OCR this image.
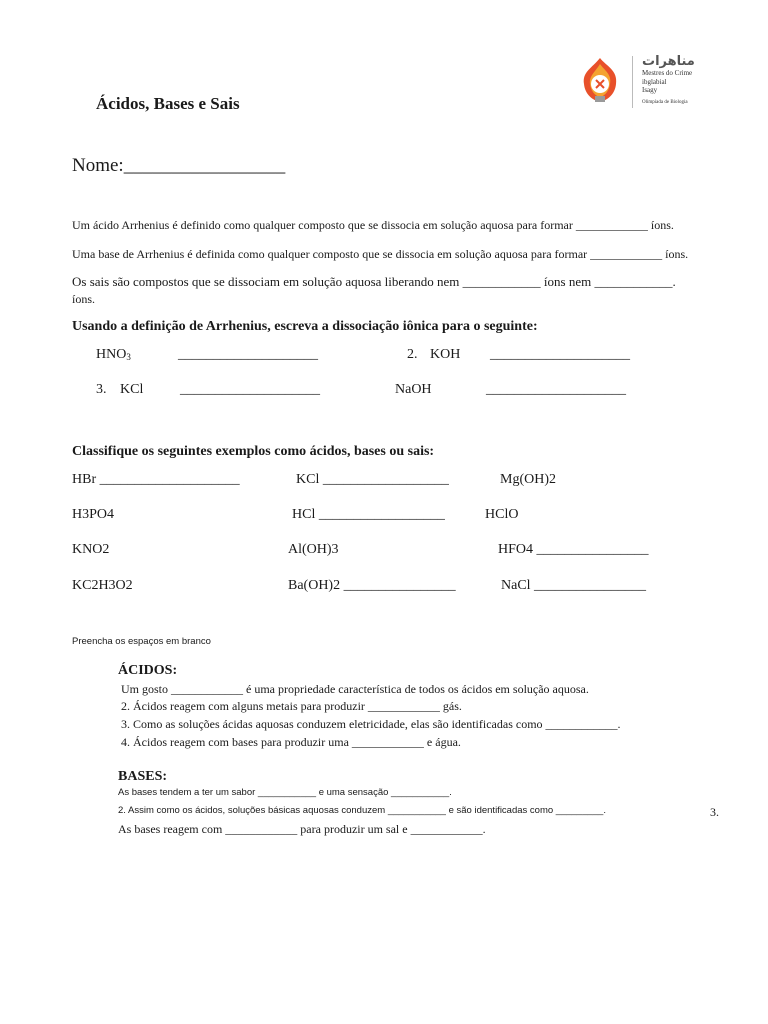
مناهرات
Mestres do Crime
ibglabial
Isagy
Olimpíada de Biologia
Ácidos, Bases e Sais
Nome:_________________
Um ácido Arrhenius é definido como qualquer composto que se dissocia em solução aquosa para formar ____________ íons.
Uma base de Arrhenius é definida como qualquer composto que se dissocia em solução aquosa para formar ____________ íons.
Os sais são compostos que se dissociam em solução aquosa liberando nem ____________ íons nem ____________.
íons.
Usando a definição de Arrhenius, escreva a dissociação iônica para o seguinte:
$HNO_3$	____________________	2. KOH ____________________
3. KCl	____________________	NaOH	____________________
Classifique os seguintes exemplos como ácidos, bases ou sais:
HBr ____________________	KCl __________________	Mg(OH)2
H3PO4	HCl __________________	HClO
KNO2	Al(OH)3	HFO4 ________________
KC2H3O2	Ba(OH)2 ________________	NaCl ________________
Preencha os espaços em branco
ÁCIDOS:
Um gosto ____________ é uma propriedade característica de todos os ácidos em solução aquosa.
2. Ácidos reagem com alguns metais para produzir ____________ gás.
3. Como as soluções ácidas aquosas conduzem eletricidade, elas são identificadas como ____________.
4. Ácidos reagem com bases para produzir uma ____________ e água.
BASES:
As bases tendem a ter um sabor ___________ e uma sensação ___________.
2. Assim como os ácidos, soluções básicas aquosas conduzem ___________ e são identificadas como _________.	3.
As bases reagem com ____________ para produzir um sal e ____________.
